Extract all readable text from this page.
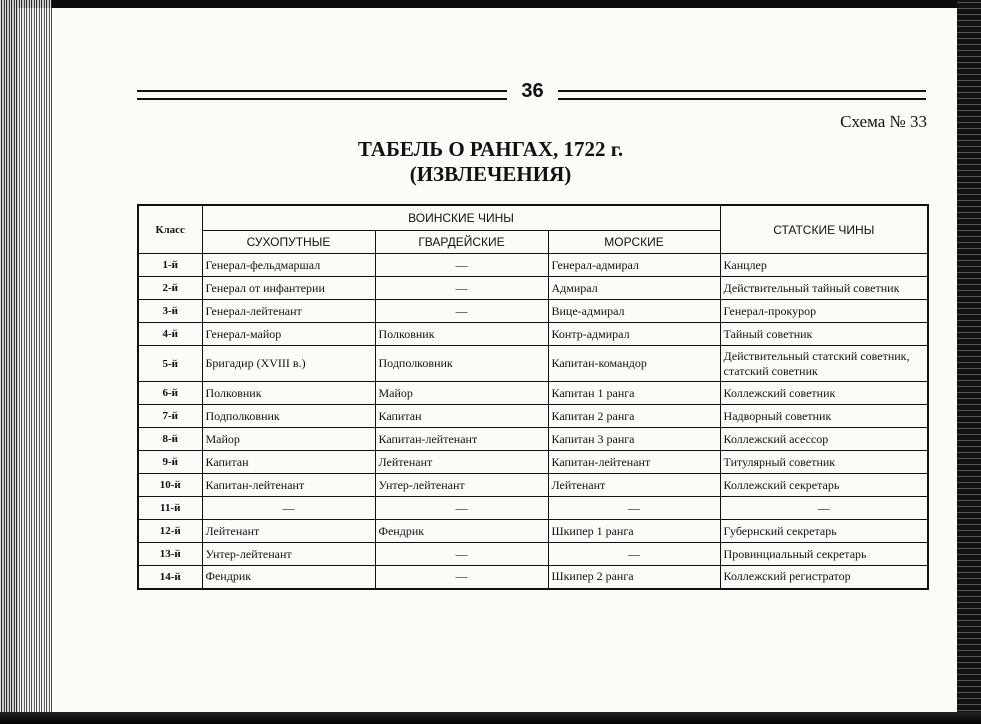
36
Схема № 33
ТАБЕЛЬ О РАНГАХ, 1722 г.
(ИЗВЛЕЧЕНИЯ)
Класс	ВОИНСКИЕ ЧИНЫ			СТАТСКИЕ ЧИНЫ
	СУХОПУТНЫЕ	ГВАРДЕЙСКИЕ	МОРСКИЕ	
1-й	Генерал-фельдмаршал	—	Генерал-адмирал	Канцлер
2-й	Генерал от инфантерии	—	Адмирал	Действительный тайный советник
3-й	Генерал-лейтенант	—	Вице-адмирал	Генерал-прокурор
4-й	Генерал-майор	Полковник	Контр-адмирал	Тайный советник
5-й	Бригадир (XVIII в.)	Подполковник	Капитан-командор	Действительный статский советник, статский советник
6-й	Полковник	Майор	Капитан 1 ранга	Коллежский советник
7-й	Подполковник	Капитан	Капитан 2 ранга	Надворный советник
8-й	Майор	Капитан-лейтенант	Капитан 3 ранга	Коллежский асессор
9-й	Капитан	Лейтенант	Капитан-лейтенант	Титулярный советник
10-й	Капитан-лейтенант	Унтер-лейтенант	Лейтенант	Коллежский секретарь
11-й	—	—	—	—
12-й	Лейтенант	Фендрик	Шкипер 1 ранга	Губернский секретарь
13-й	Унтер-лейтенант	—	—	Провинциальный секретарь
14-й	Фендрик	—	Шкипер 2 ранга	Коллежский регистратор
